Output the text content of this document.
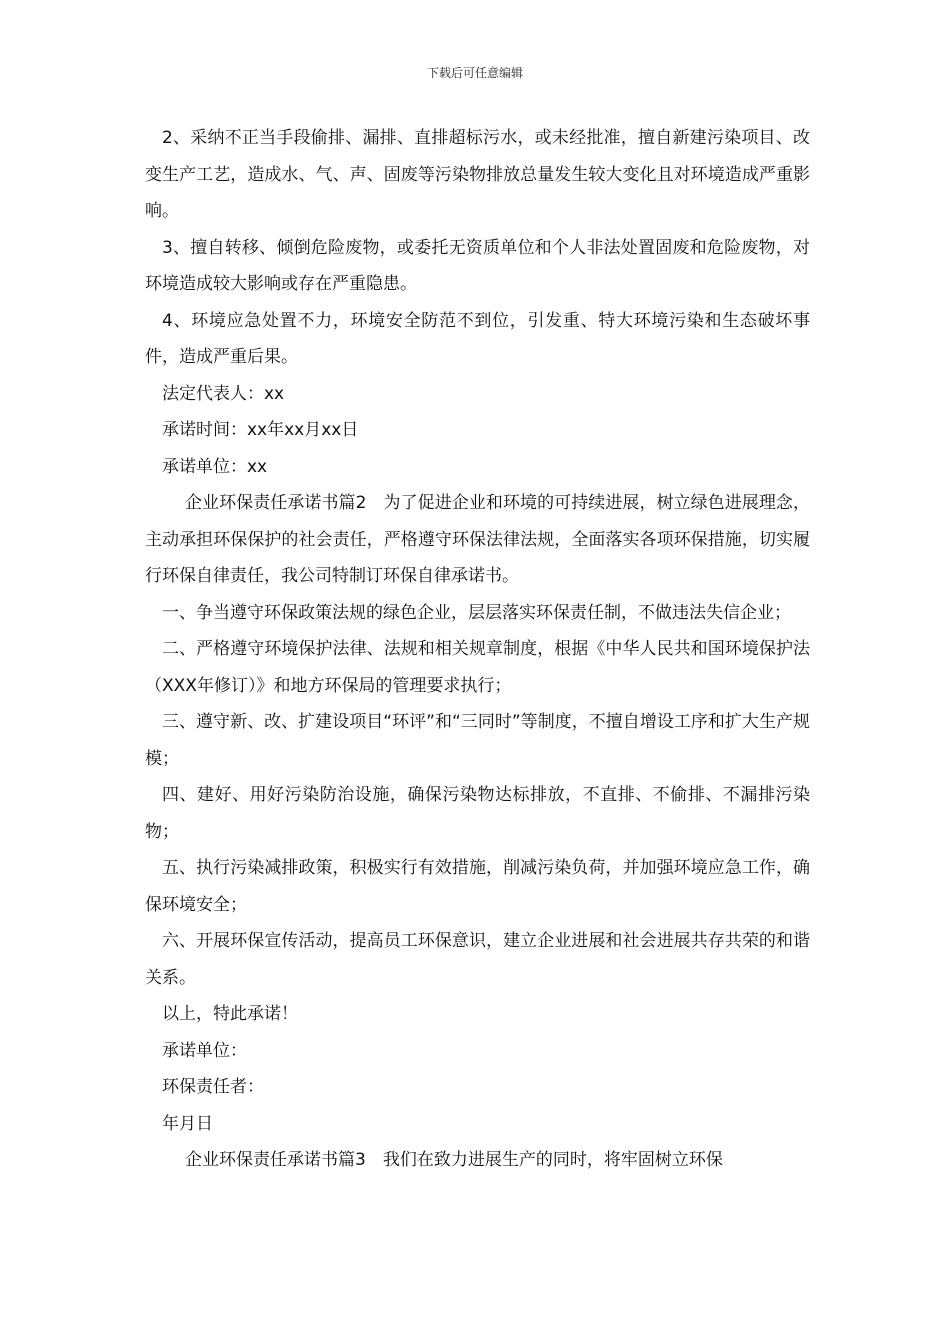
下载后可任意编辑

2、采纳不正当手段偷排、漏排、直排超标污水，或未经批准，擅自新建污染项目、改变生产工艺，造成水、气、声、固废等污染物排放总量发生较大变化且对环境造成严重影响。

3、擅自转移、倾倒危险废物，或委托无资质单位和个人非法处置固废和危险废物，对环境造成较大影响或存在严重隐患。

4、环境应急处置不力，环境安全防范不到位，引发重、特大环境污染和生态破坏事件，造成严重后果。

法定代表人：xx

承诺时间：xx年xx月xx日

承诺单位：xx

企业环保责任承诺书篇2　为了促进企业和环境的可持续进展，树立绿色进展理念，主动承担环保保护的社会责任，严格遵守环保法律法规，全面落实各项环保措施，切实履行环保自律责任，我公司特制订环保自律承诺书。

一、争当遵守环保政策法规的绿色企业，层层落实环保责任制，不做违法失信企业；

二、严格遵守环境保护法律、法规和相关规章制度，根据《中华人民共和国环境保护法（XXX年修订）》和地方环保局的管理要求执行；

三、遵守新、改、扩建设项目“环评”和“三同时”等制度，不擅自增设工序和扩大生产规模；

四、建好、用好污染防治设施，确保污染物达标排放，不直排、不偷排、不漏排污染物；

五、执行污染减排政策，积极实行有效措施，削减污染负荷，并加强环境应急工作，确保环境安全；

六、开展环保宣传活动，提高员工环保意识，建立企业进展和社会进展共存共荣的和谐关系。

以上，特此承诺！

承诺单位：

环保责任者：

年月日

企业环保责任承诺书篇3　我们在致力进展生产的同时，将牢固树立环保
